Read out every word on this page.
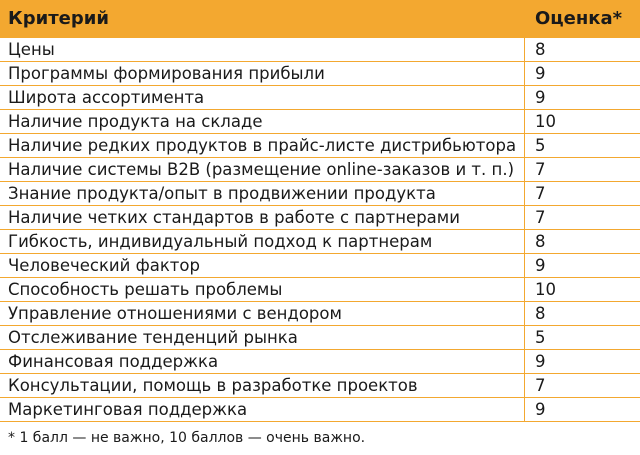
Критерий	Оценка*
Цены	8
Программы формирования прибыли	9
Широта ассортимента	9
Наличие продукта на складе	10
Наличие редких продуктов в прайс-листе дистрибьютора 5
Наличие системы B2B (размещение online-заказов и т. п.) 7
Знание продукта/опыт в продвижении продукта	7
Наличие четких стандартов в работе с партнерами	7
Гибкость, индивидуальный подход к партнерам	8
Человеческий фактор	9
Способность решать проблемы	10
Управление отношениями с вендором	8
Отслеживание тенденций рынка	5
Финансовая поддержка	9
Консультации, помощь в разработке проектов	7
Маркетинговая поддержка	9
* 1 балл — не важно, 10 баллов — очень важно.
